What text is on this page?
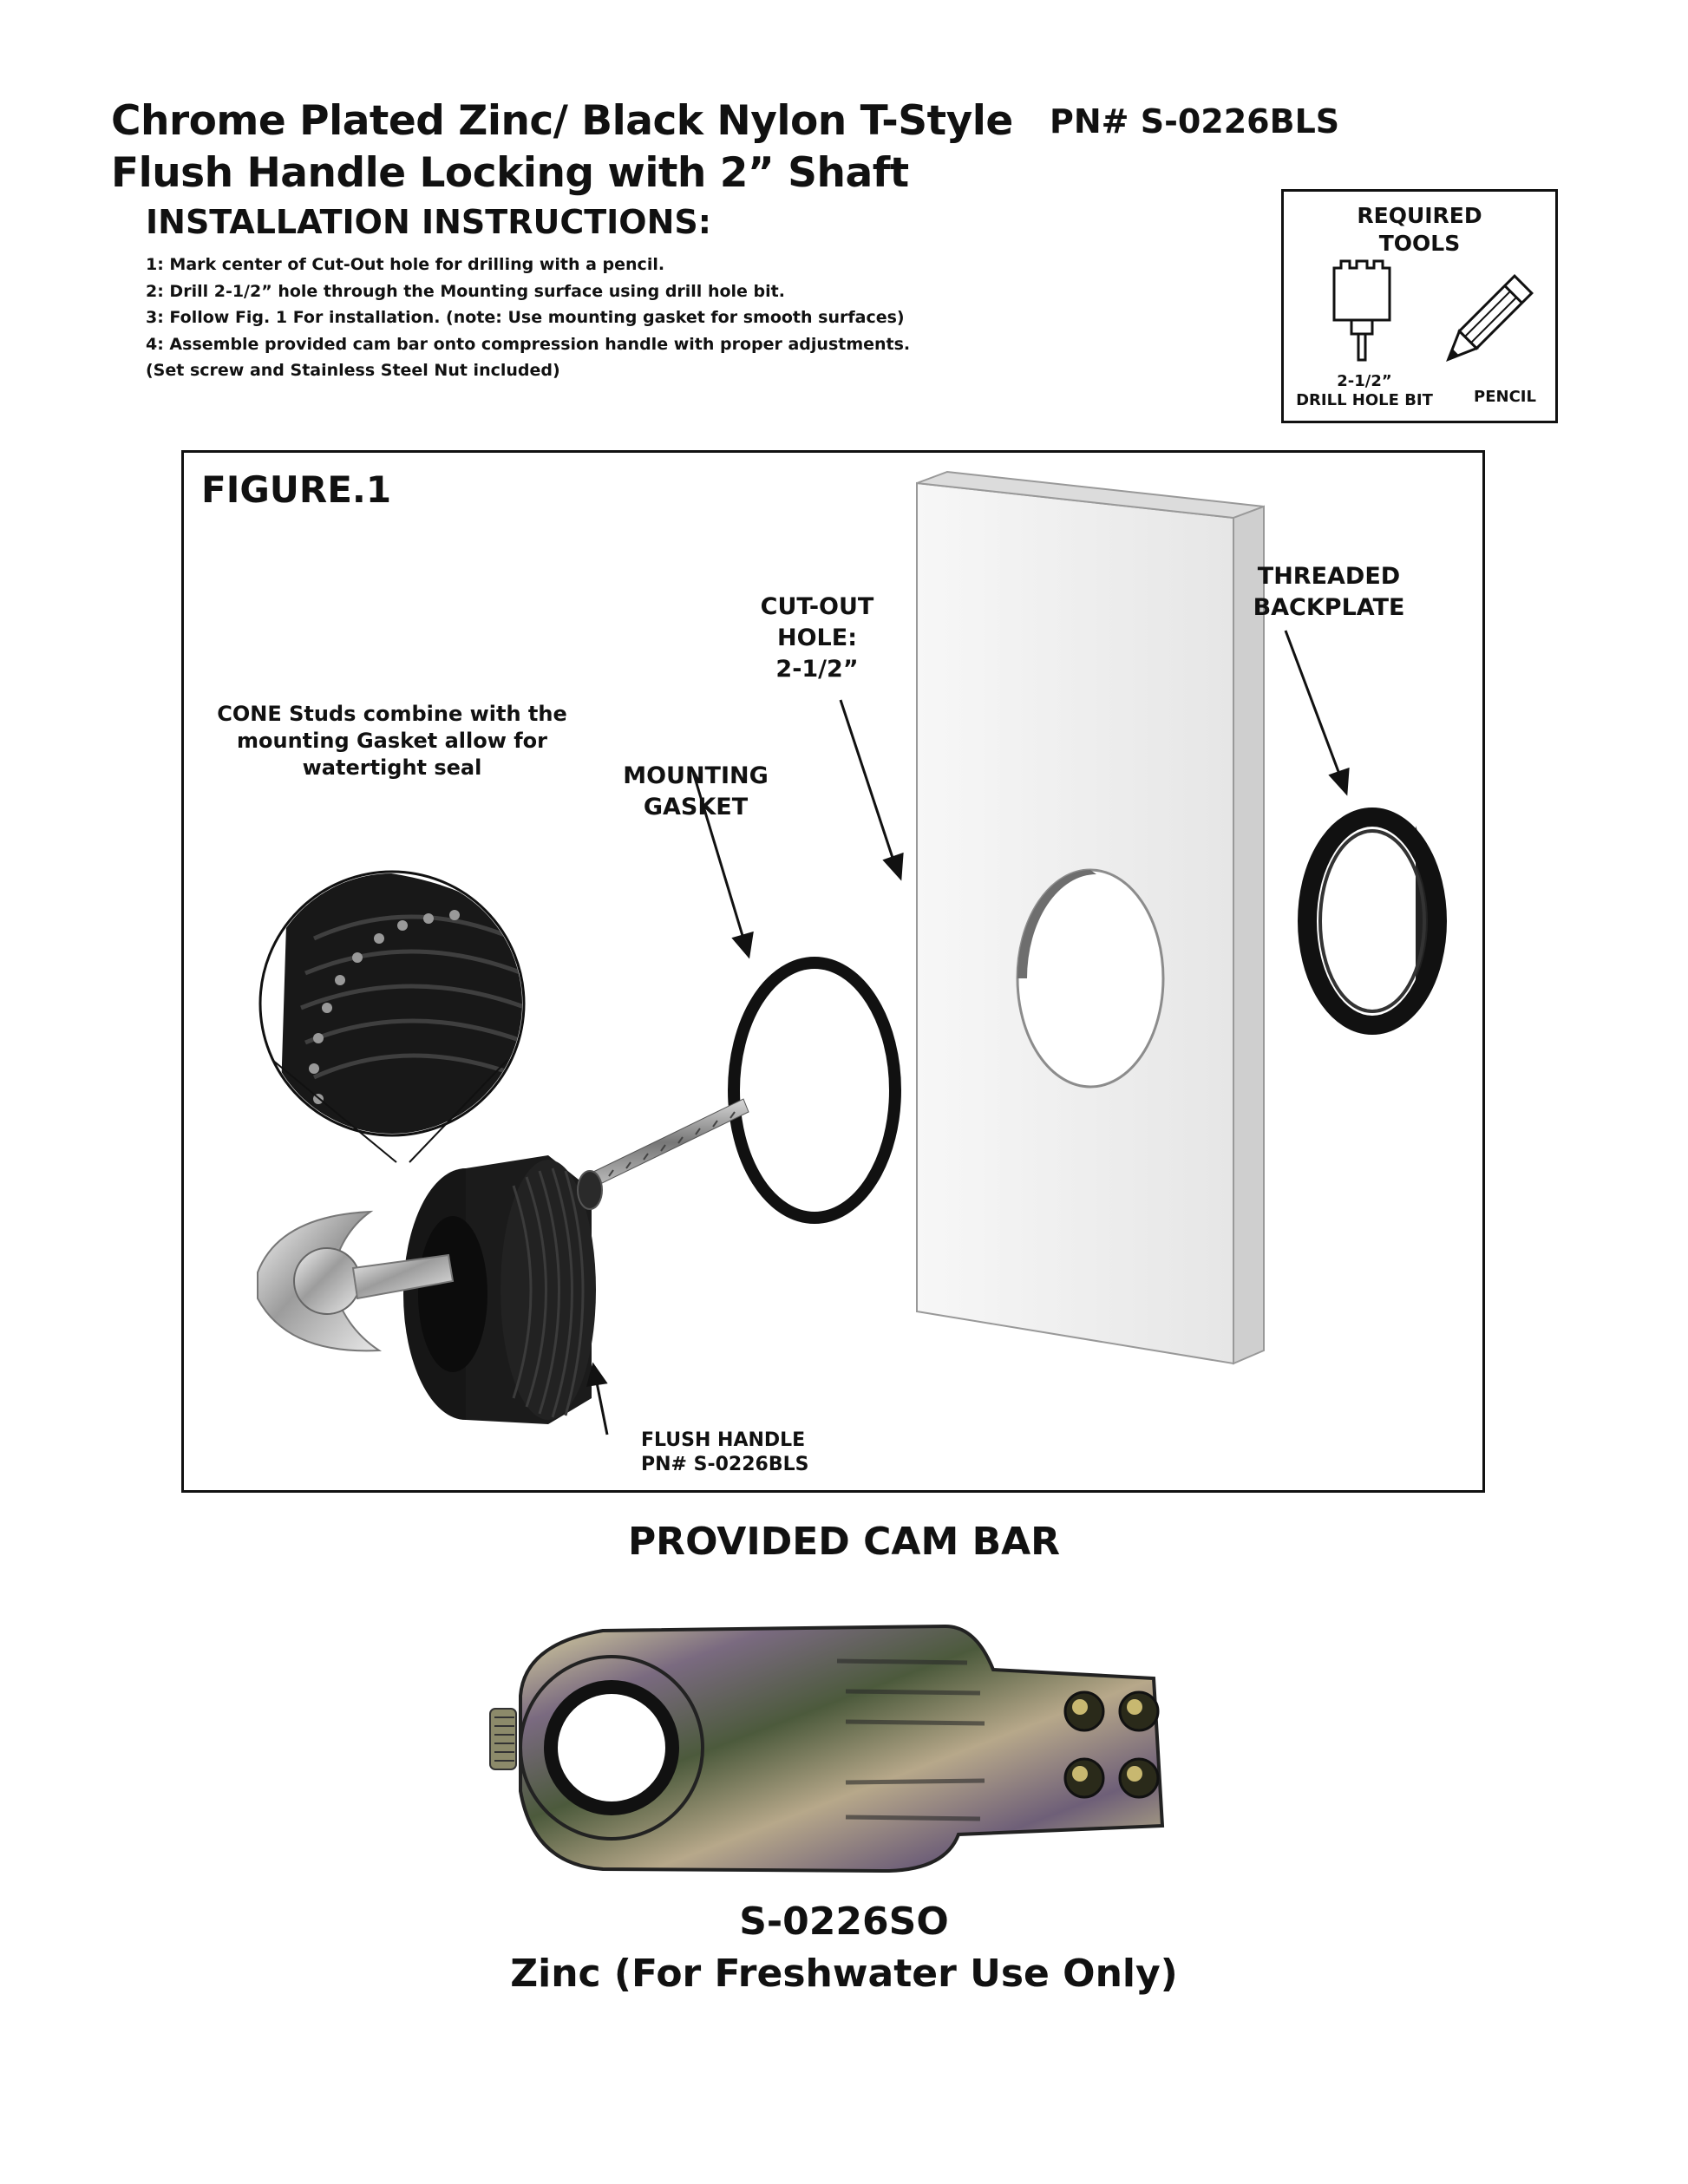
Chrome Plated Zinc/ Black Nylon T-Style
Flush Handle Locking with 2” Shaft
PN# S-0226BLS
INSTALLATION INSTRUCTIONS:
1: Mark center of Cut-Out hole for drilling with a pencil.
2: Drill 2-1/2” hole through the Mounting surface using drill hole bit.
3: Follow Fig. 1 For installation. (note: Use mounting gasket for smooth surfaces)
4: Assemble provided cam bar onto compression handle with proper adjustments.
(Set screw and Stainless Steel Nut included)
REQUIRED
TOOLS
2-1/2”
DRILL HOLE BIT	PENCIL
FIGURE.1
CONE Studs combine with the
mounting Gasket allow for
watertight seal	MOUNTING
GASKET
CUT-OUT
HOLE:
2-1/2”
THREADED
BACKPLATE
FLUSH HANDLE
PN# S-0226BLS
PROVIDED CAM BAR
S-0226SO
Zinc (For Freshwater Use Only)
